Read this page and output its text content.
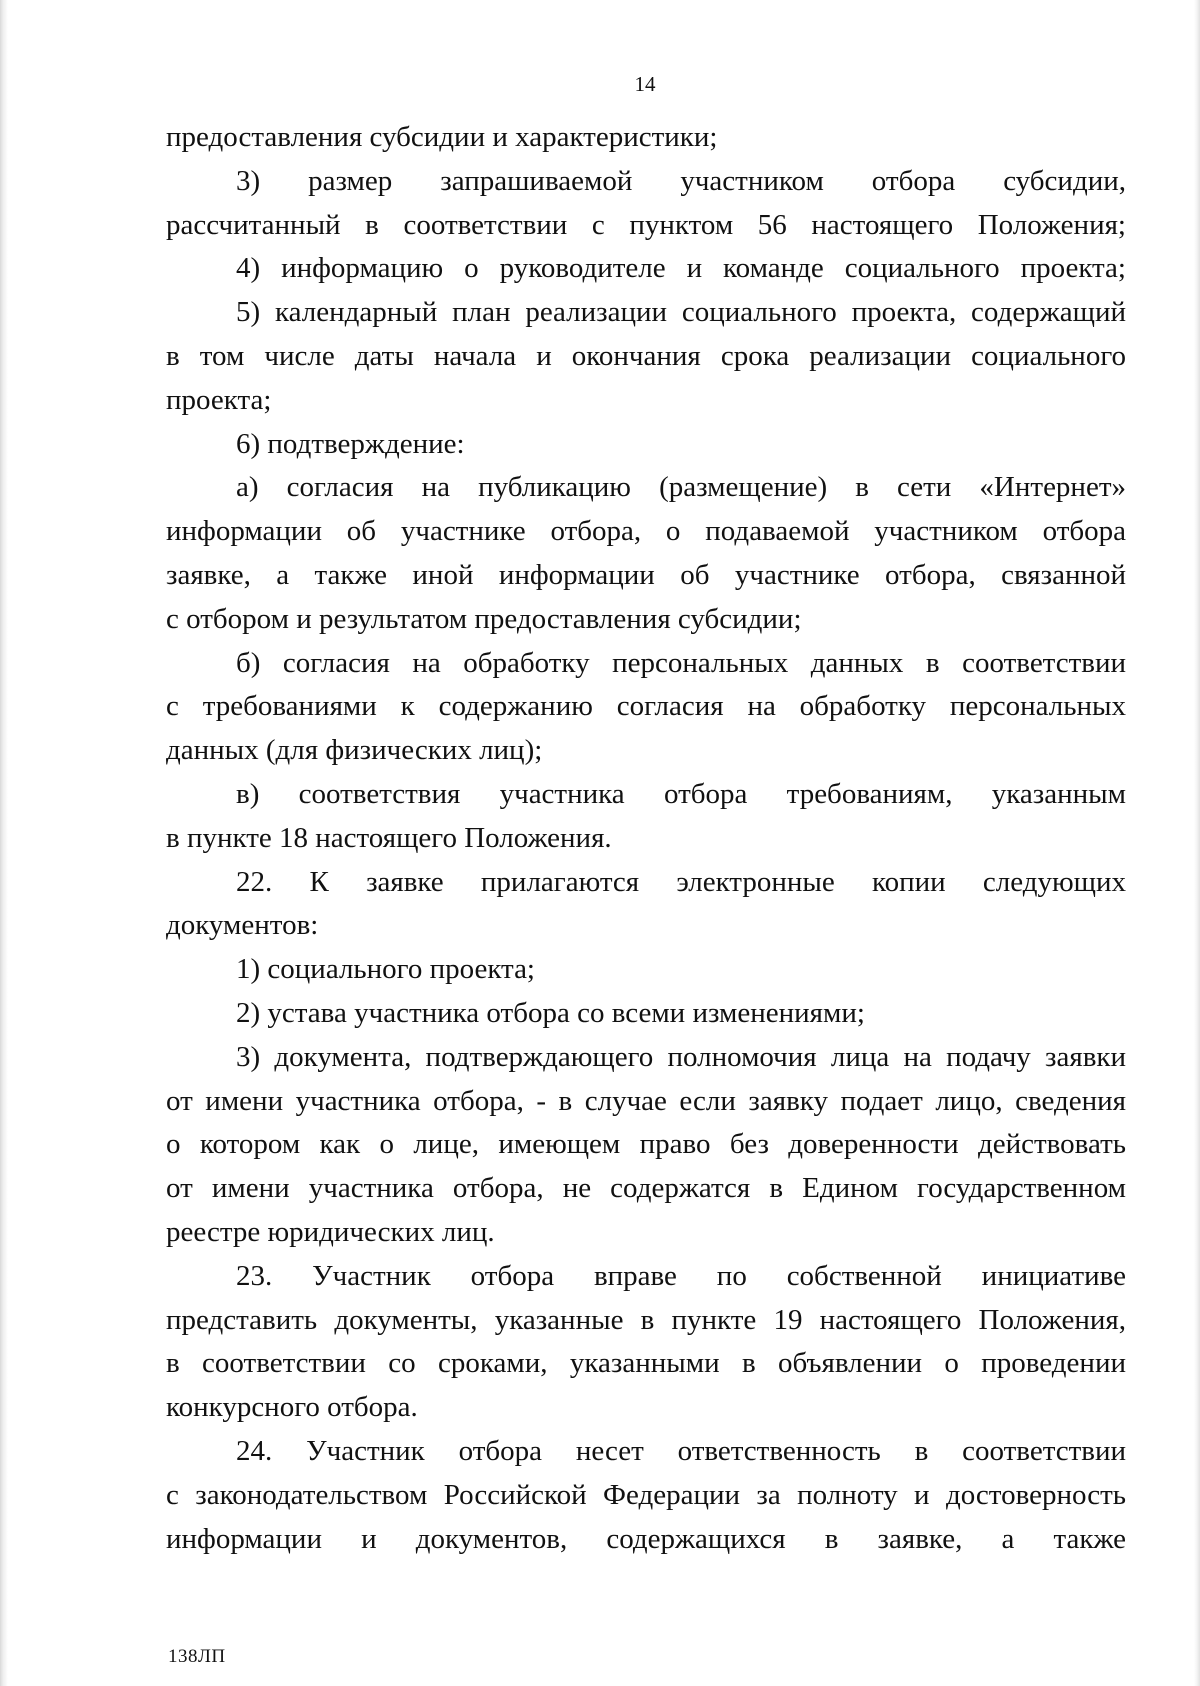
14
предоставления субсидии и характеристики;
3) размер запрашиваемой участником отбора субсидии,
рассчитанный в соответствии с пунктом 56 настоящего Положения;
4) информацию о руководителе и команде социального проекта;
5) календарный план реализации социального проекта, содержащий
в том числе даты начала и окончания срока реализации социального
проекта;
6) подтверждение:
а) согласия на публикацию (размещение) в сети «Интернет»
информации об участнике отбора, о подаваемой участником отбора
заявке, а также иной информации об участнике отбора, связанной
с отбором и результатом предоставления субсидии;
б) согласия на обработку персональных данных в соответствии
с требованиями к содержанию согласия на обработку персональных
данных (для физических лиц);
в) соответствия участника отбора требованиям, указанным
в пункте 18 настоящего Положения.
22. К заявке прилагаются электронные копии следующих
документов:
1) социального проекта;
2) устава участника отбора со всеми изменениями;
3) документа, подтверждающего полномочия лица на подачу заявки
от имени участника отбора, - в случае если заявку подает лицо, сведения
о котором как о лице, имеющем право без доверенности действовать
от имени участника отбора, не содержатся в Едином государственном
реестре юридических лиц.
23. Участник отбора вправе по собственной инициативе
представить документы, указанные в пункте 19 настоящего Положения,
в соответствии со сроками, указанными в объявлении о проведении
конкурсного отбора.
24. Участник отбора несет ответственность в соответствии
с законодательством Российской Федерации за полноту и достоверность
информации и документов, содержащихся в заявке, а также
138ЛП
